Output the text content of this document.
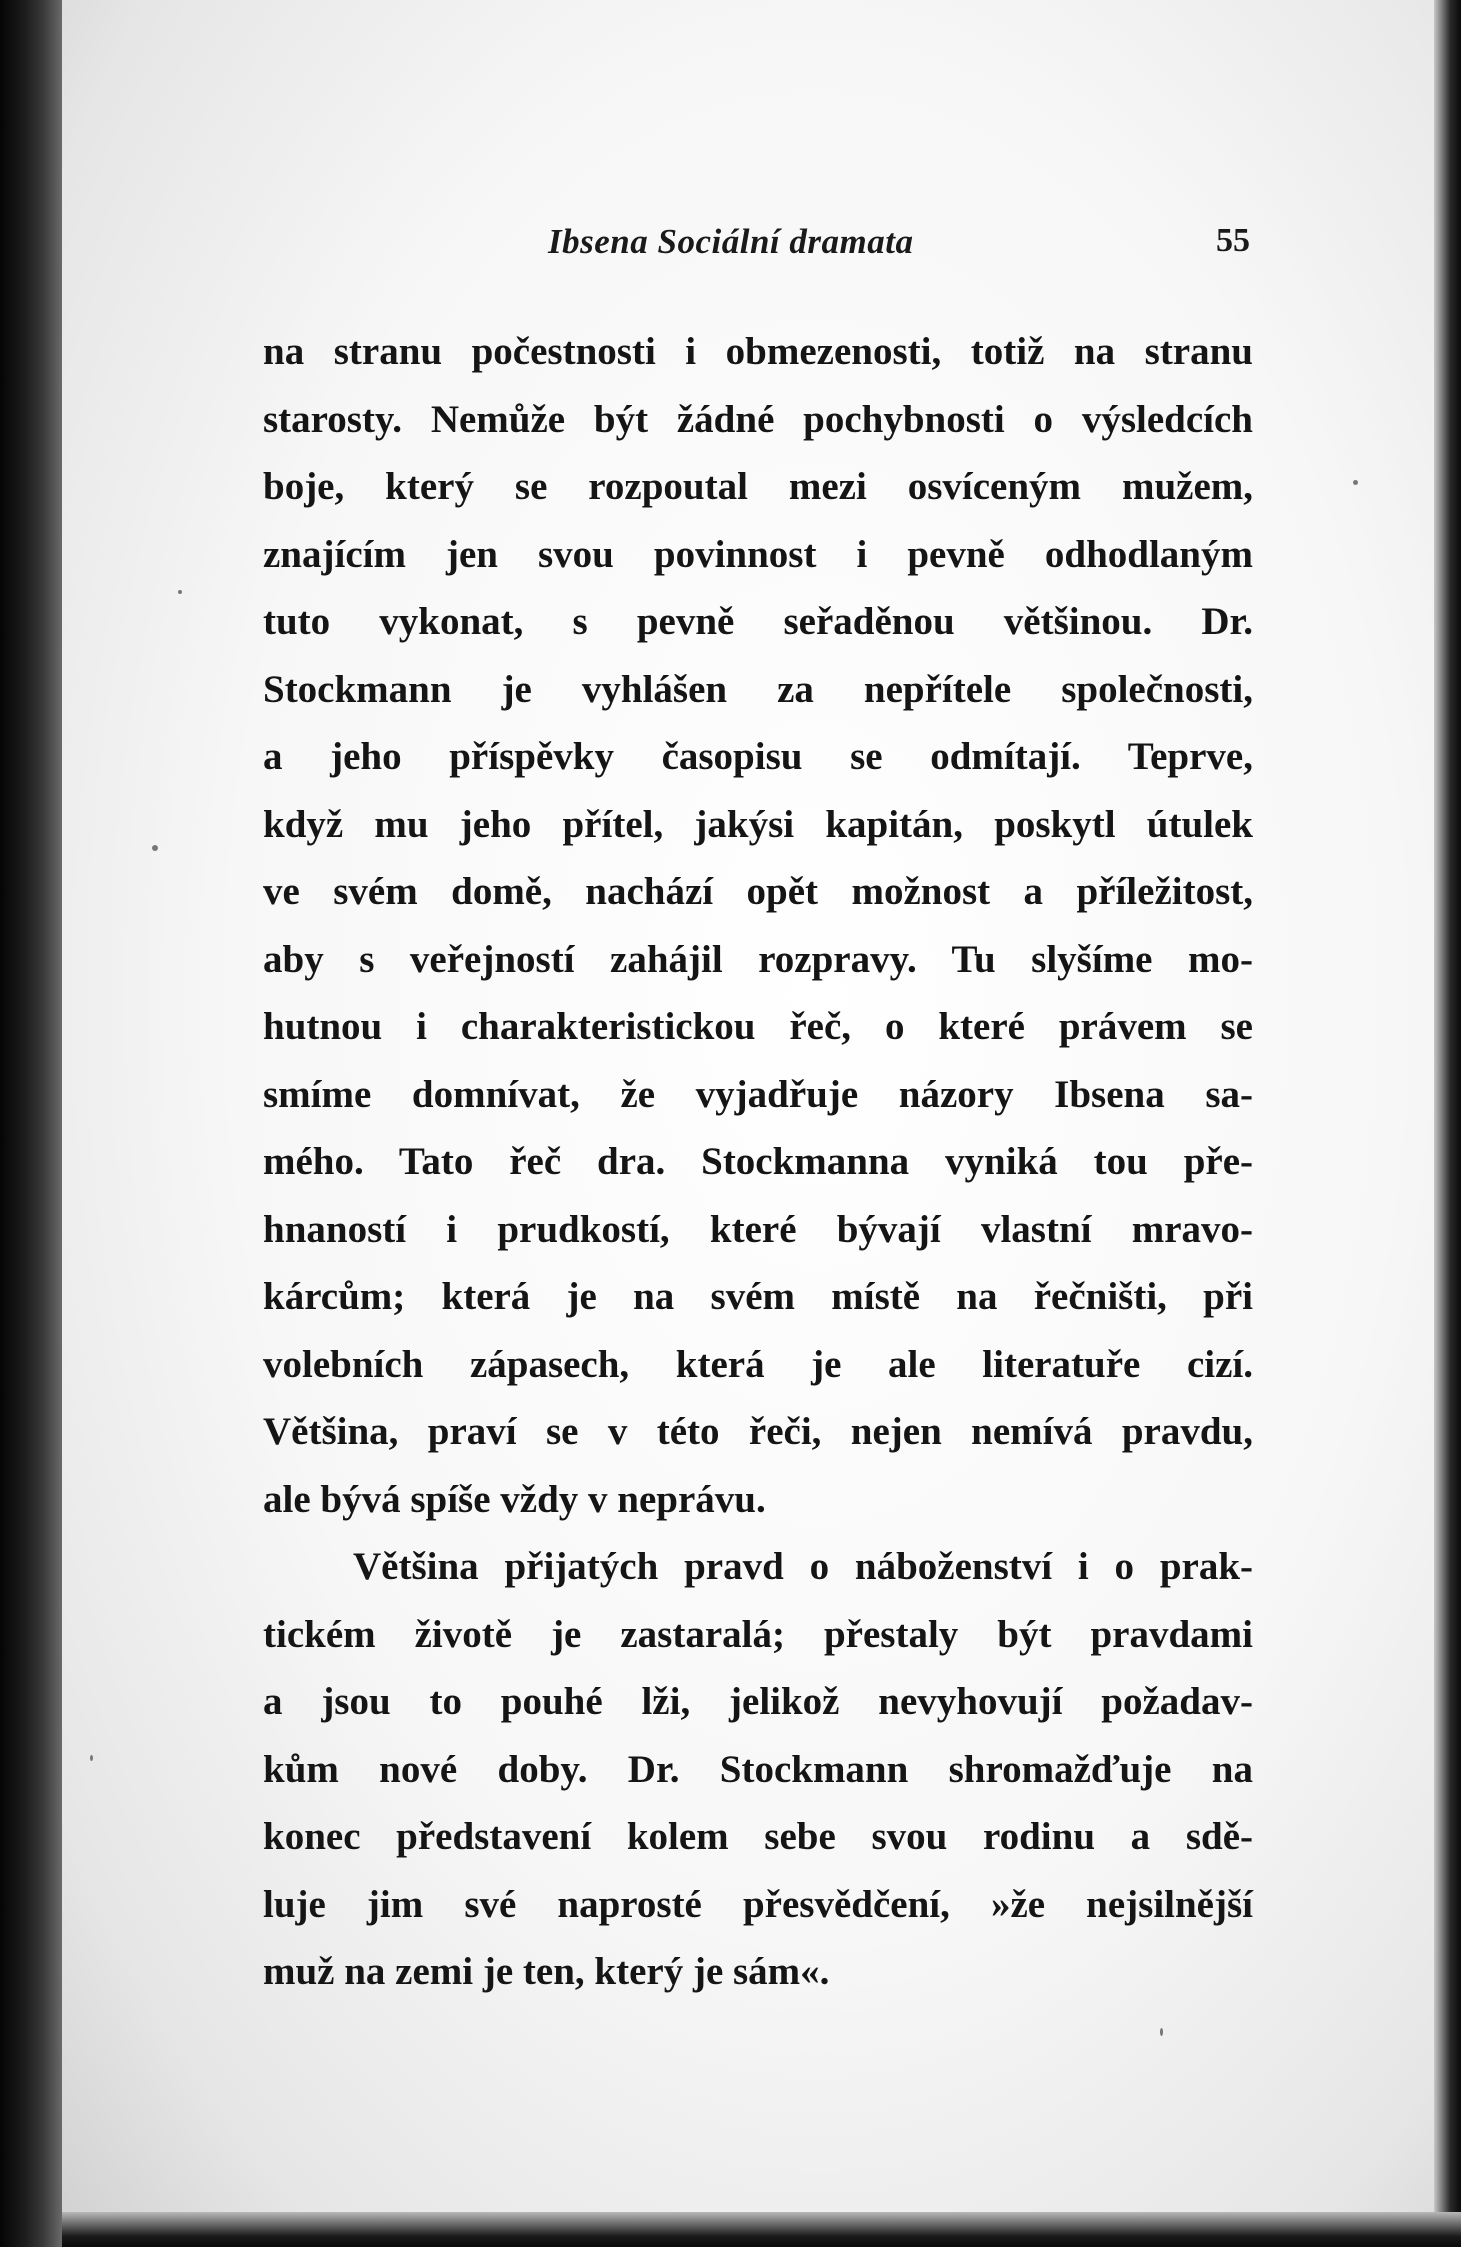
Ibsena Sociální dramata	55
na stranu počestnosti i obmezenosti, totiž na stranu
starosty. Nemůže být žádné pochybnosti o výsledcích
boje, který se rozpoutal mezi osvíceným mužem,
znajícím jen svou povinnost i pevně odhodlaným
tuto vykonat, s pevně seřaděnou většinou. Dr.
Stockmann je vyhlášen za nepřítele společnosti,
a jeho příspěvky časopisu se odmítají. Teprve,
když mu jeho přítel, jakýsi kapitán, poskytl útulek
ve svém domě, nachází opět možnost a příležitost,
aby s veřejností zahájil rozpravy. Tu slyšíme mo-
hutnou i charakteristickou řeč, o které právem se
smíme domnívat, že vyjadřuje názory Ibsena sa-
mého. Tato řeč dra. Stockmanna vyniká tou pře-
hnaností i prudkostí, které bývají vlastní mravo-
kárcům; která je na svém místě na řečništi, při
volebních zápasech, která je ale literatuře cizí.
Většina, praví se v této řeči, nejen nemívá pravdu,
ale bývá spíše vždy v neprávu.
Většina přijatých pravd o náboženství i o prak-
tickém životě je zastaralá; přestaly být pravdami
a jsou to pouhé lži, jelikož nevyhovují požadav-
kům nové doby. Dr. Stockmann shromažďuje na
konec představení kolem sebe svou rodinu a sdě-
luje jim své naprosté přesvědčení, »že nejsilnější
muž na zemi je ten, který je sám«.
